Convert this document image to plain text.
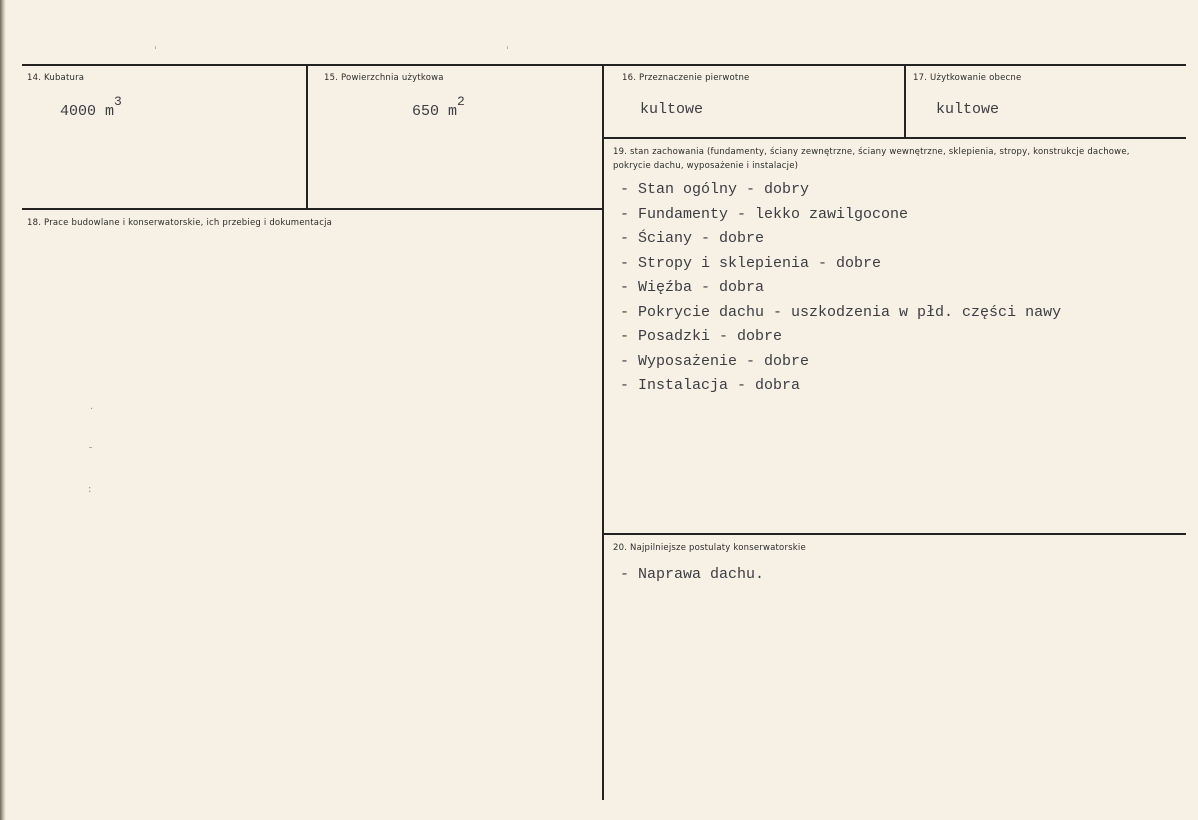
14. Kubatura
4000 $m^3$
15. Powierzchnia użytkowa
650 $m^2$
16. Przeznaczenie pierwotne
kultowe
17. Użytkowanie obecne
kultowe
18. Prace budowlane i konserwatorskie, ich przebieg i dokumentacja
19. stan zachowania (fundamenty, ściany zewnętrzne, ściany wewnętrzne, sklepienia, stropy, konstrukcje dachowe, pokrycie dachu, wyposażenie i instalacje)
- Stan ogólny - dobry
- Fundamenty - lekko zawilgocone
- Ściany - dobre
- Stropy i sklepienia - dobre
- Więźba - dobra
- Pokrycie dachu - uszkodzenia w płd. części nawy
- Posadzki - dobre
- Wyposażenie - dobre
- Instalacja - dobra
20. Najpilniejsze postulaty konserwatorskie
- Naprawa dachu.
·
˷
:
ˈ	ˈ
